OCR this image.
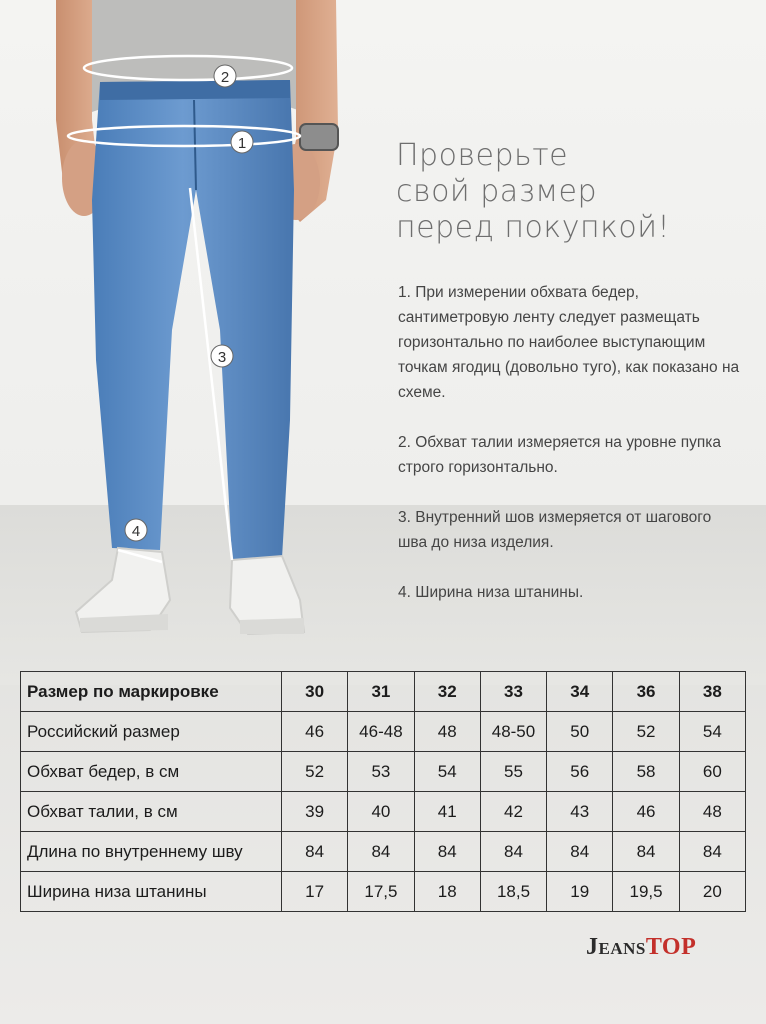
1
2
3
4
Проверьте
свой размер
перед покупкой!

1. При измерении обхвата бедер, сантиметровую ленту следует размещать горизонтально по наиболее выступающим точкам ягодиц (довольно туго), как показано на схеме.

2. Обхват талии измеряется на уровне пупка строго горизонтально.

3. Внутренний шов измеряется от шагового шва до низа изделия.

4. Ширина низа штанины.

Размер по маркировке	30	31	32	33	34	36	38
Российский размер	46	46-48	48	48-50	50	52	54
Обхват бедер, в см	52	53	54	55	56	58	60
Обхват талии, в см	39	40	41	42	43	46	48
Длина по внутреннему шву	84	84	84	84	84	84	84
Ширина низа штанины	17	17,5	18	18,5	19	19,5	20
JeansTOP
